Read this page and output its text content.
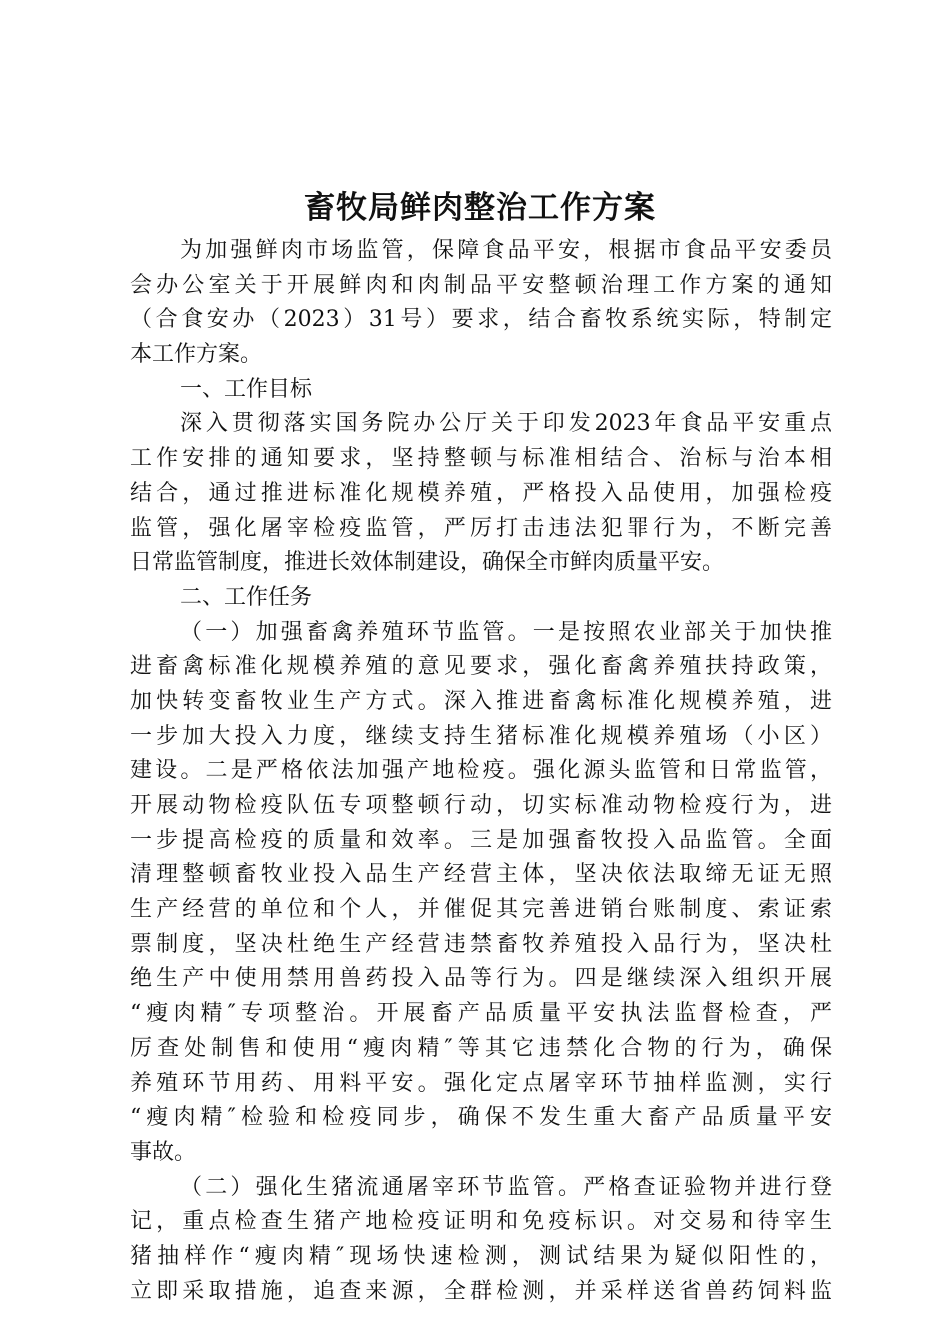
畜牧局鲜肉整治工作方案
为加强鲜肉市场监管，保障食品平安，根据市食品平安委员
会办公室关于开展鲜肉和肉制品平安整顿治理工作方案的通知
（合食安办（2023）31号）要求，结合畜牧系统实际，特制定
本工作方案。
一、工作目标
深入贯彻落实国务院办公厅关于印发2023年食品平安重点
工作安排的通知要求，坚持整顿与标准相结合、治标与治本相
结合，通过推进标准化规模养殖，严格投入品使用，加强检疫
监管，强化屠宰检疫监管，严厉打击违法犯罪行为，不断完善
日常监管制度，推进长效体制建设，确保全市鲜肉质量平安。
二、工作任务
（一）加强畜禽养殖环节监管。一是按照农业部关于加快推
进畜禽标准化规模养殖的意见要求，强化畜禽养殖扶持政策，
加快转变畜牧业生产方式。深入推进畜禽标准化规模养殖，进
一步加大投入力度，继续支持生猪标准化规模养殖场（小区）
建设。二是严格依法加强产地检疫。强化源头监管和日常监管，
开展动物检疫队伍专项整顿行动，切实标准动物检疫行为，进
一步提高检疫的质量和效率。三是加强畜牧投入品监管。全面
清理整顿畜牧业投入品生产经营主体，坚决依法取缔无证无照
生产经营的单位和个人，并催促其完善进销台账制度、索证索
票制度，坚决杜绝生产经营违禁畜牧养殖投入品行为，坚决杜
绝生产中使用禁用兽药投入品等行为。四是继续深入组织开展
“瘦肉精″专项整治。开展畜产品质量平安执法监督检查，严
厉查处制售和使用“瘦肉精″等其它违禁化合物的行为，确保
养殖环节用药、用料平安。强化定点屠宰环节抽样监测，实行
“瘦肉精″检验和检疫同步，确保不发生重大畜产品质量平安
事故。
（二）强化生猪流通屠宰环节监管。严格查证验物并进行登
记，重点检查生猪产地检疫证明和免疫标识。对交易和待宰生
猪抽样作“瘦肉精″现场快速检测，测试结果为疑似阳性的，
立即采取措施，追查来源，全群检测，并采样送省兽药饲料监
